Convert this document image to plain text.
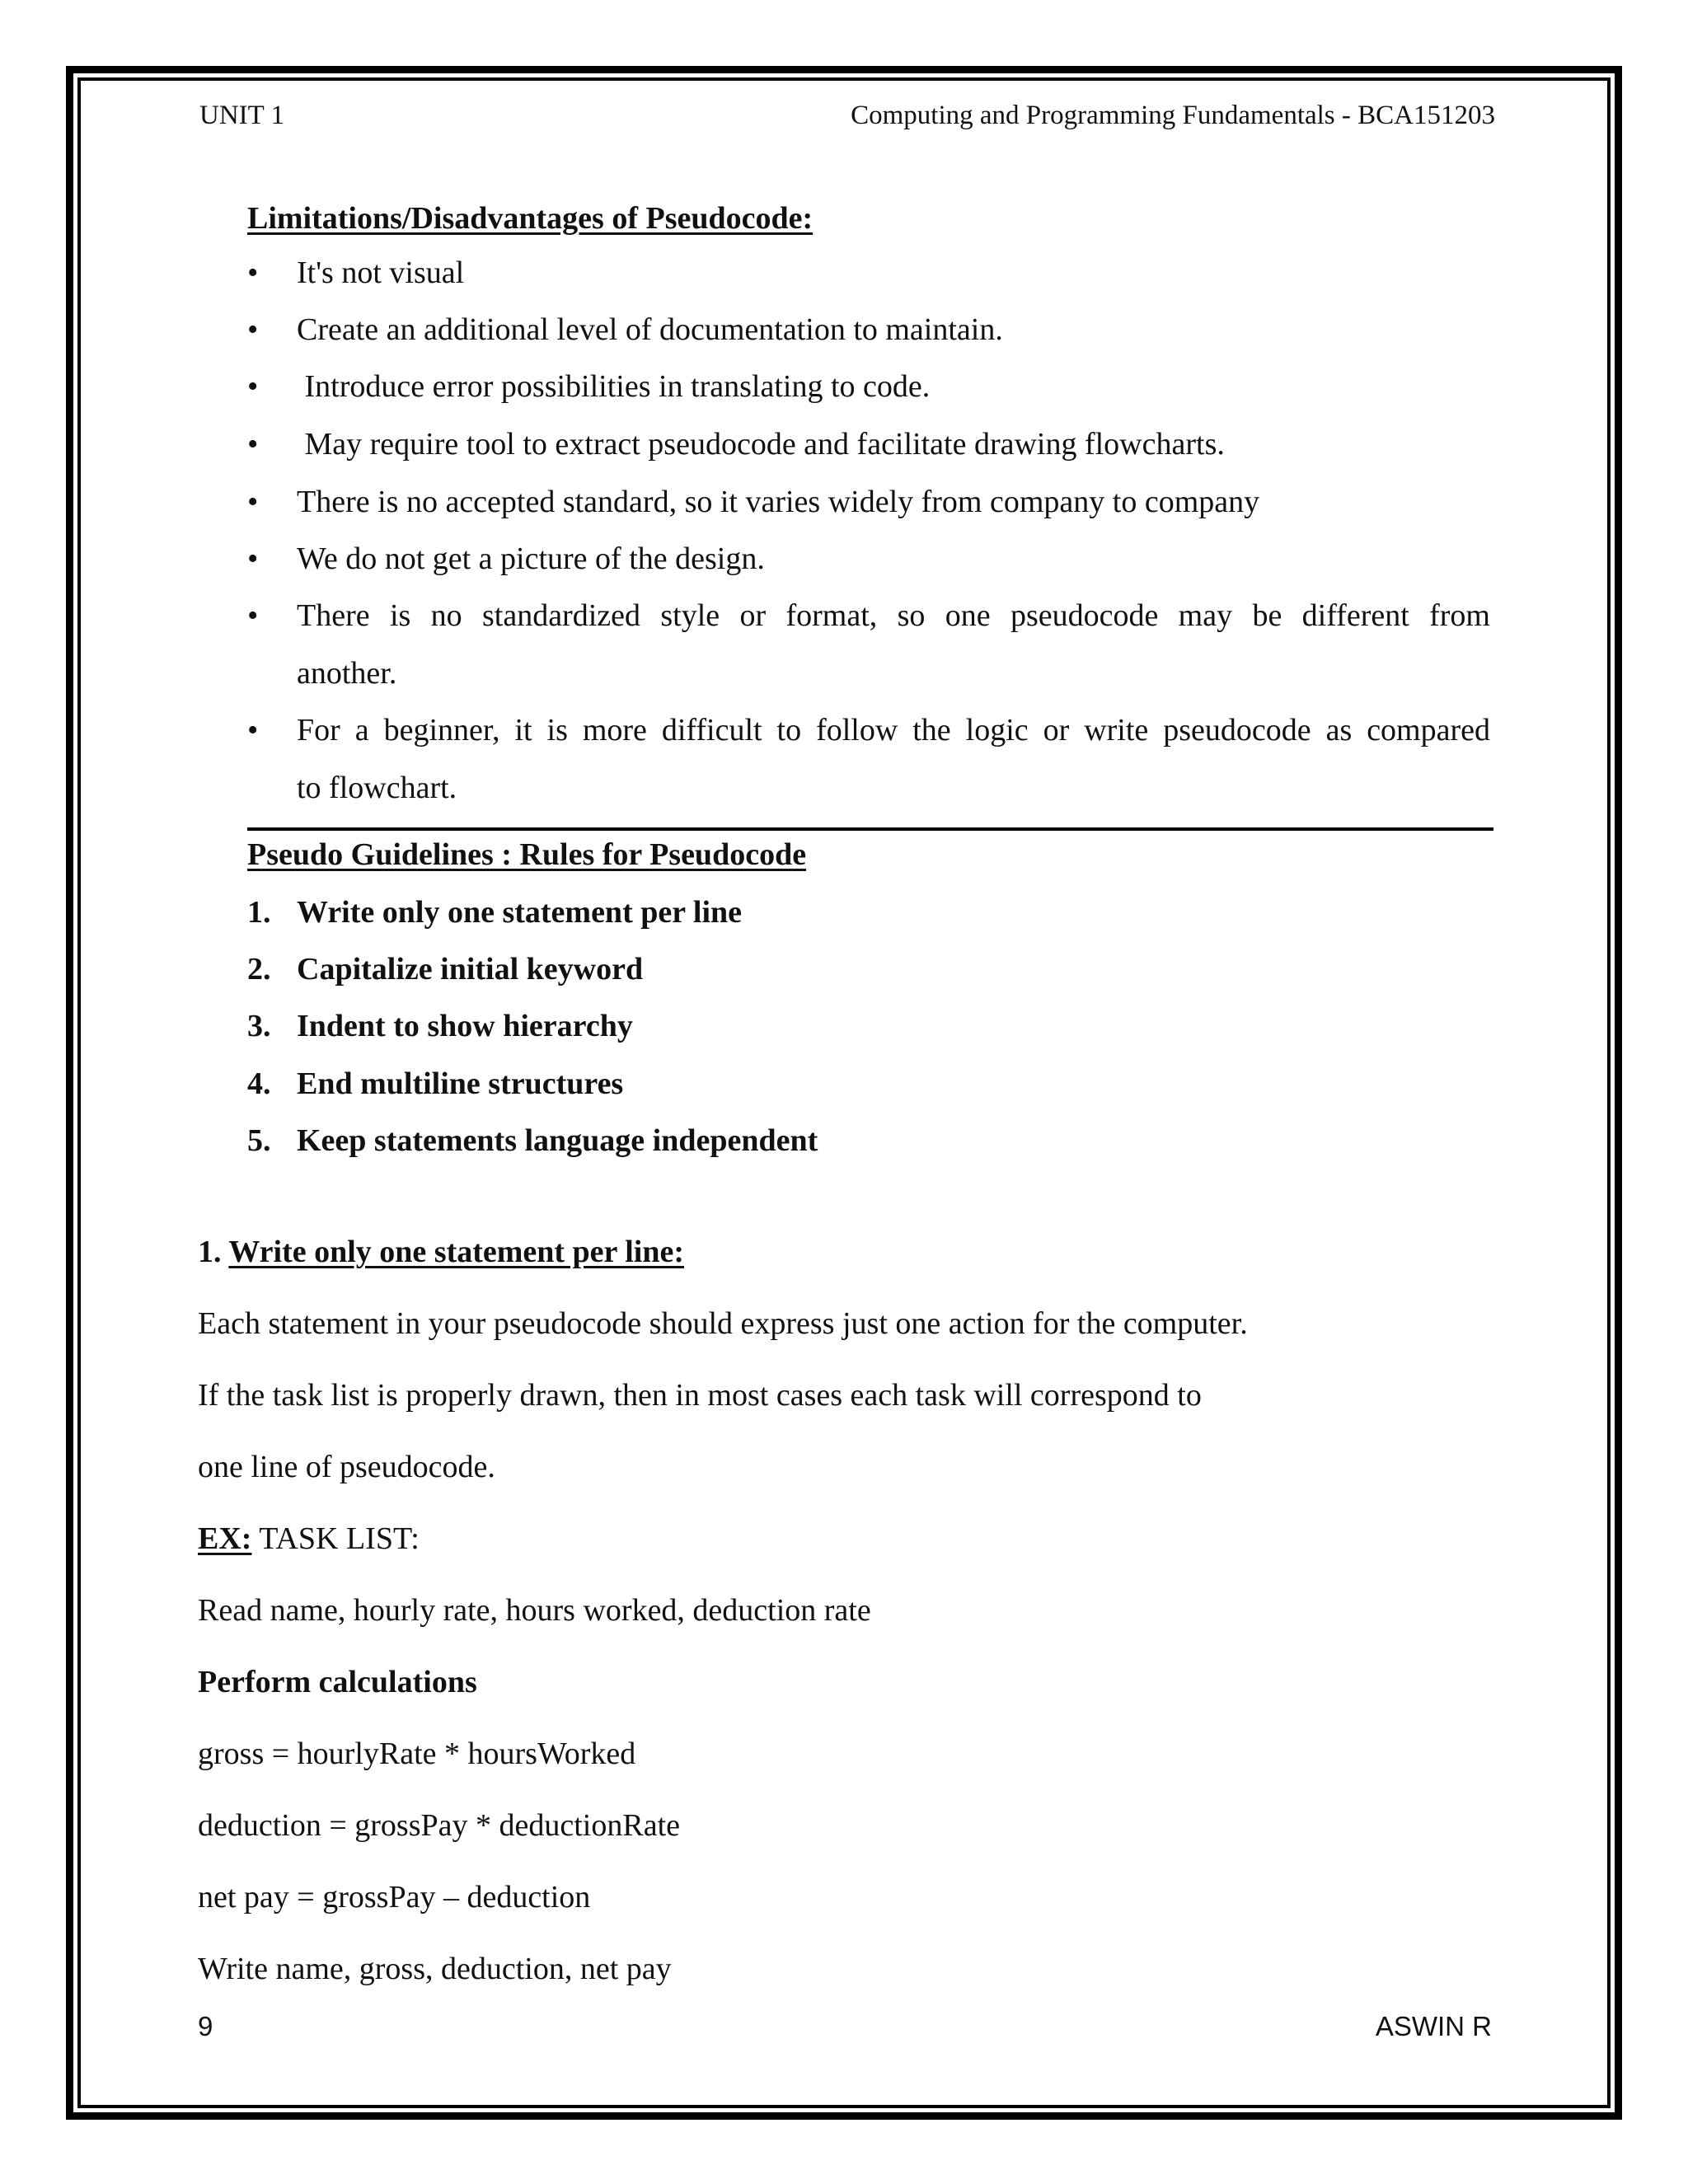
UNIT 1	Computing and Programming Fundamentals - BCA151203
Limitations/Disadvantages of Pseudocode:
• It's not visual
• Create an additional level of documentation to maintain.
• Introduce error possibilities in translating to code.
• May require tool to extract pseudocode and facilitate drawing flowcharts.
• There is no accepted standard, so it varies widely from company to company
• We do not get a picture of the design.
• There is no standardized style or format, so one pseudocode may be different from
another.
• For a beginner, it is more difficult to follow the logic or write pseudocode as compared
to flowchart.
Pseudo Guidelines : Rules for Pseudocode
1. Write only one statement per line
2. Capitalize initial keyword
3. Indent to show hierarchy
4. End multiline structures
5. Keep statements language independent
1. Write only one statement per line:
Each statement in your pseudocode should express just one action for the computer.
If the task list is properly drawn, then in most cases each task will correspond to
one line of pseudocode.
EX: TASK LIST:
Read name, hourly rate, hours worked, deduction rate
Perform calculations
gross = hourlyRate * hoursWorked
deduction = grossPay * deductionRate
net pay = grossPay – deduction
Write name, gross, deduction, net pay
9	ASWIN R
